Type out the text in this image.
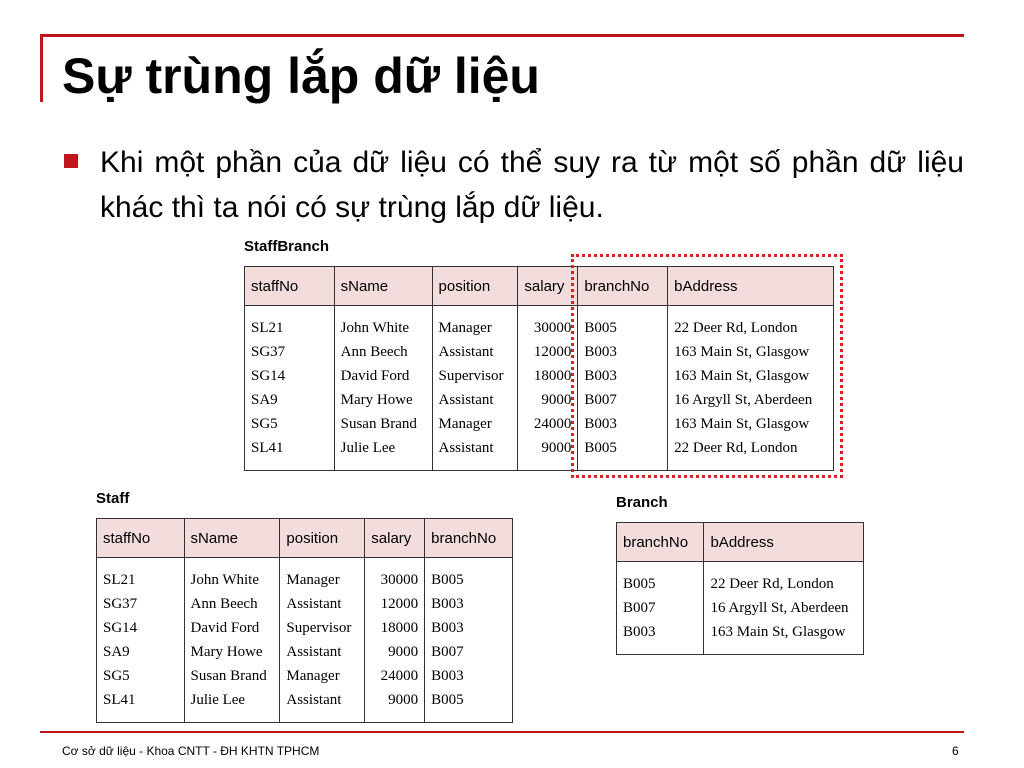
Sự trùng lắp dữ liệu
Khi một phần của dữ liệu có thể suy ra từ một số phần dữ liệu khác thì ta nói có sự trùng lắp dữ liệu.
StaffBranch
staffNo	sName	position	salary	branchNo	bAddress
SL21	John White	Manager	30000	B005	22 Deer Rd, London
SG37	Ann Beech	Assistant	12000	B003	163 Main St, Glasgow
SG14	David Ford	Supervisor	18000	B003	163 Main St, Glasgow
SA9	Mary Howe	Assistant	9000	B007	16 Argyll St, Aberdeen
SG5	Susan Brand	Manager	24000	B003	163 Main St, Glasgow
SL41	Julie Lee	Assistant	9000	B005	22 Deer Rd, London
Staff
staffNo	sName	position	salary	branchNo
SL21	John White	Manager	30000	B005
SG37	Ann Beech	Assistant	12000	B003
SG14	David Ford	Supervisor	18000	B003
SA9	Mary Howe	Assistant	9000	B007
SG5	Susan Brand	Manager	24000	B003
SL41	Julie Lee	Assistant	9000	B005
Branch
branchNo	bAddress
B005	22 Deer Rd, London
B007	16 Argyll St, Aberdeen
B003	163 Main St, Glasgow
Cơ sở dữ liệu - Khoa CNTT - ĐH KHTN TPHCM	6
